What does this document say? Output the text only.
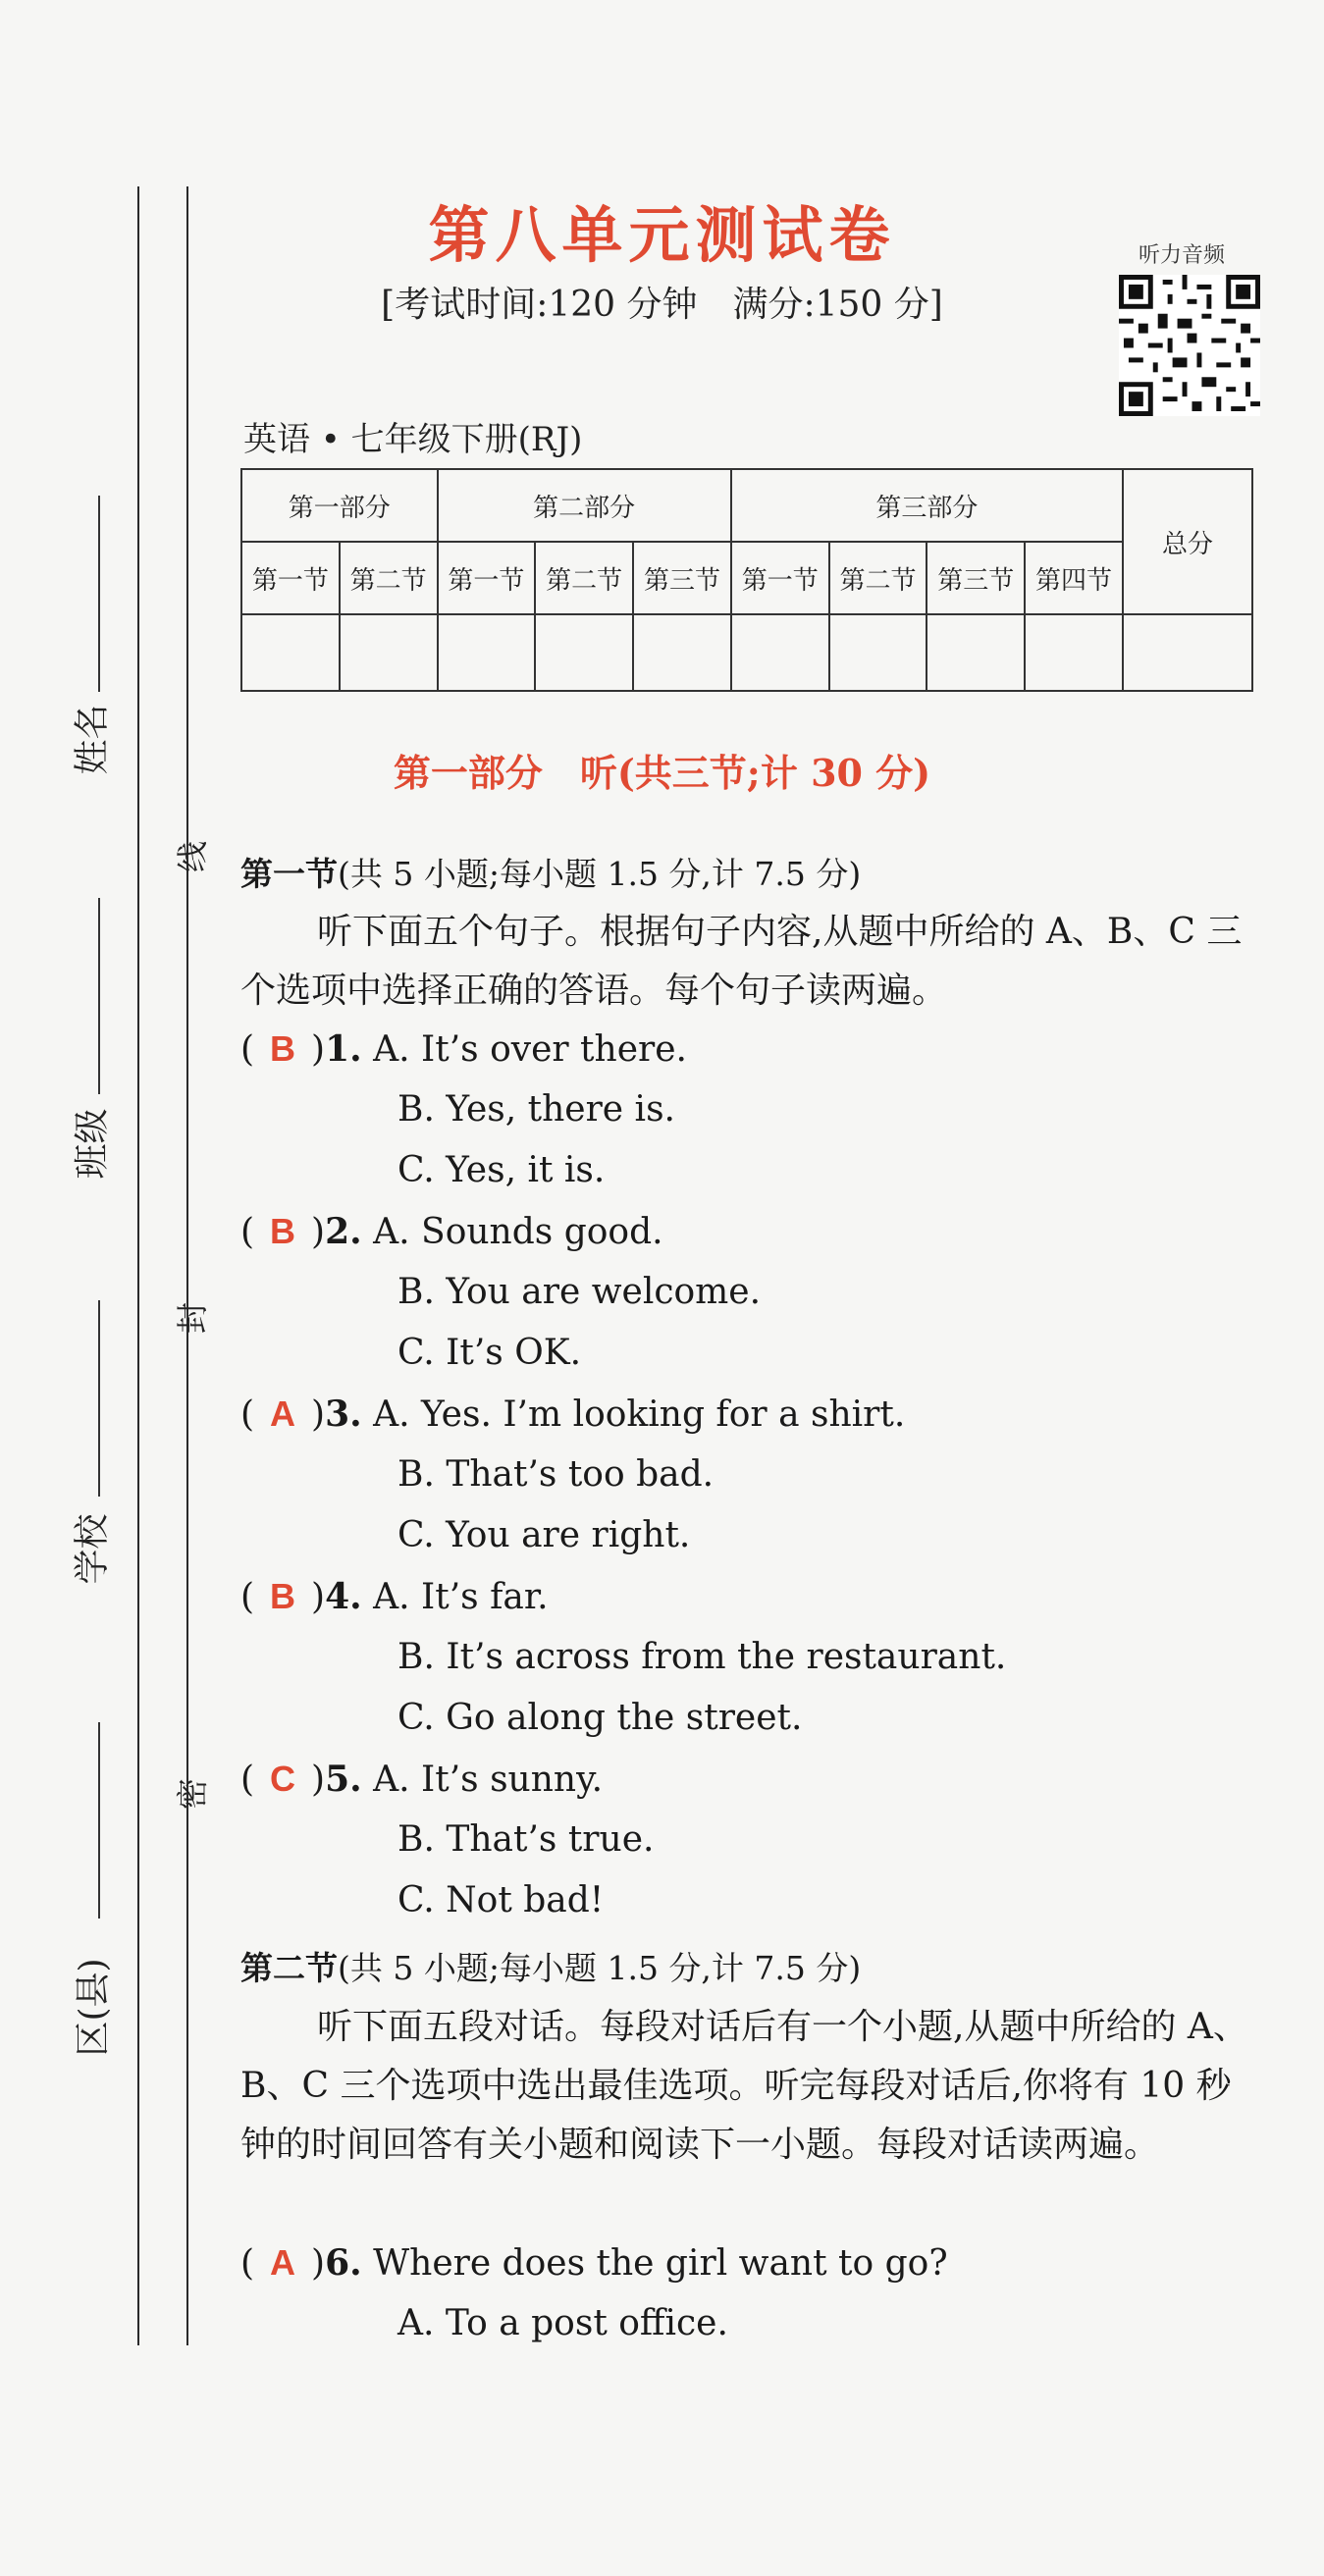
姓名
班级
学校
区(县)
线
封
密
第八单元测试卷
[考试时间:120 分钟　满分:150 分]
听力音频
英语 • 七年级下册(RJ)
第一部分		第二部分			第三部分				总分
第一节	第二节	第一节	第二节	第三节	第一节	第二节	第三节	第四节	

第一部分　听(共三节;计 30 分)
第一节(共 5 小题;每小题 1.5 分,计 7.5 分)
听下面五个句子。根据句子内容,从题中所给的 A、B、C 三个选项中选择正确的答语。每个句子读两遍。
( B )1. A. It’s over there.
B. Yes, there is.
C. Yes, it is.
( B )2. A. Sounds good.
B. You are welcome.
C. It’s OK.
( A )3. A. Yes. I’m looking for a shirt.
B. That’s too bad.
C. You are right.
( B )4. A. It’s far.
B. It’s across from the restaurant.
C. Go along the street.
( C )5. A. It’s sunny.
B. That’s true.
C. Not bad!
第二节(共 5 小题;每小题 1.5 分,计 7.5 分)
听下面五段对话。每段对话后有一个小题,从题中所给的 A、B、C 三个选项中选出最佳选项。听完每段对话后,你将有 10 秒钟的时间回答有关小题和阅读下一小题。每段对话读两遍。
( A )6. Where does the girl want to go?
A. To a post office.
